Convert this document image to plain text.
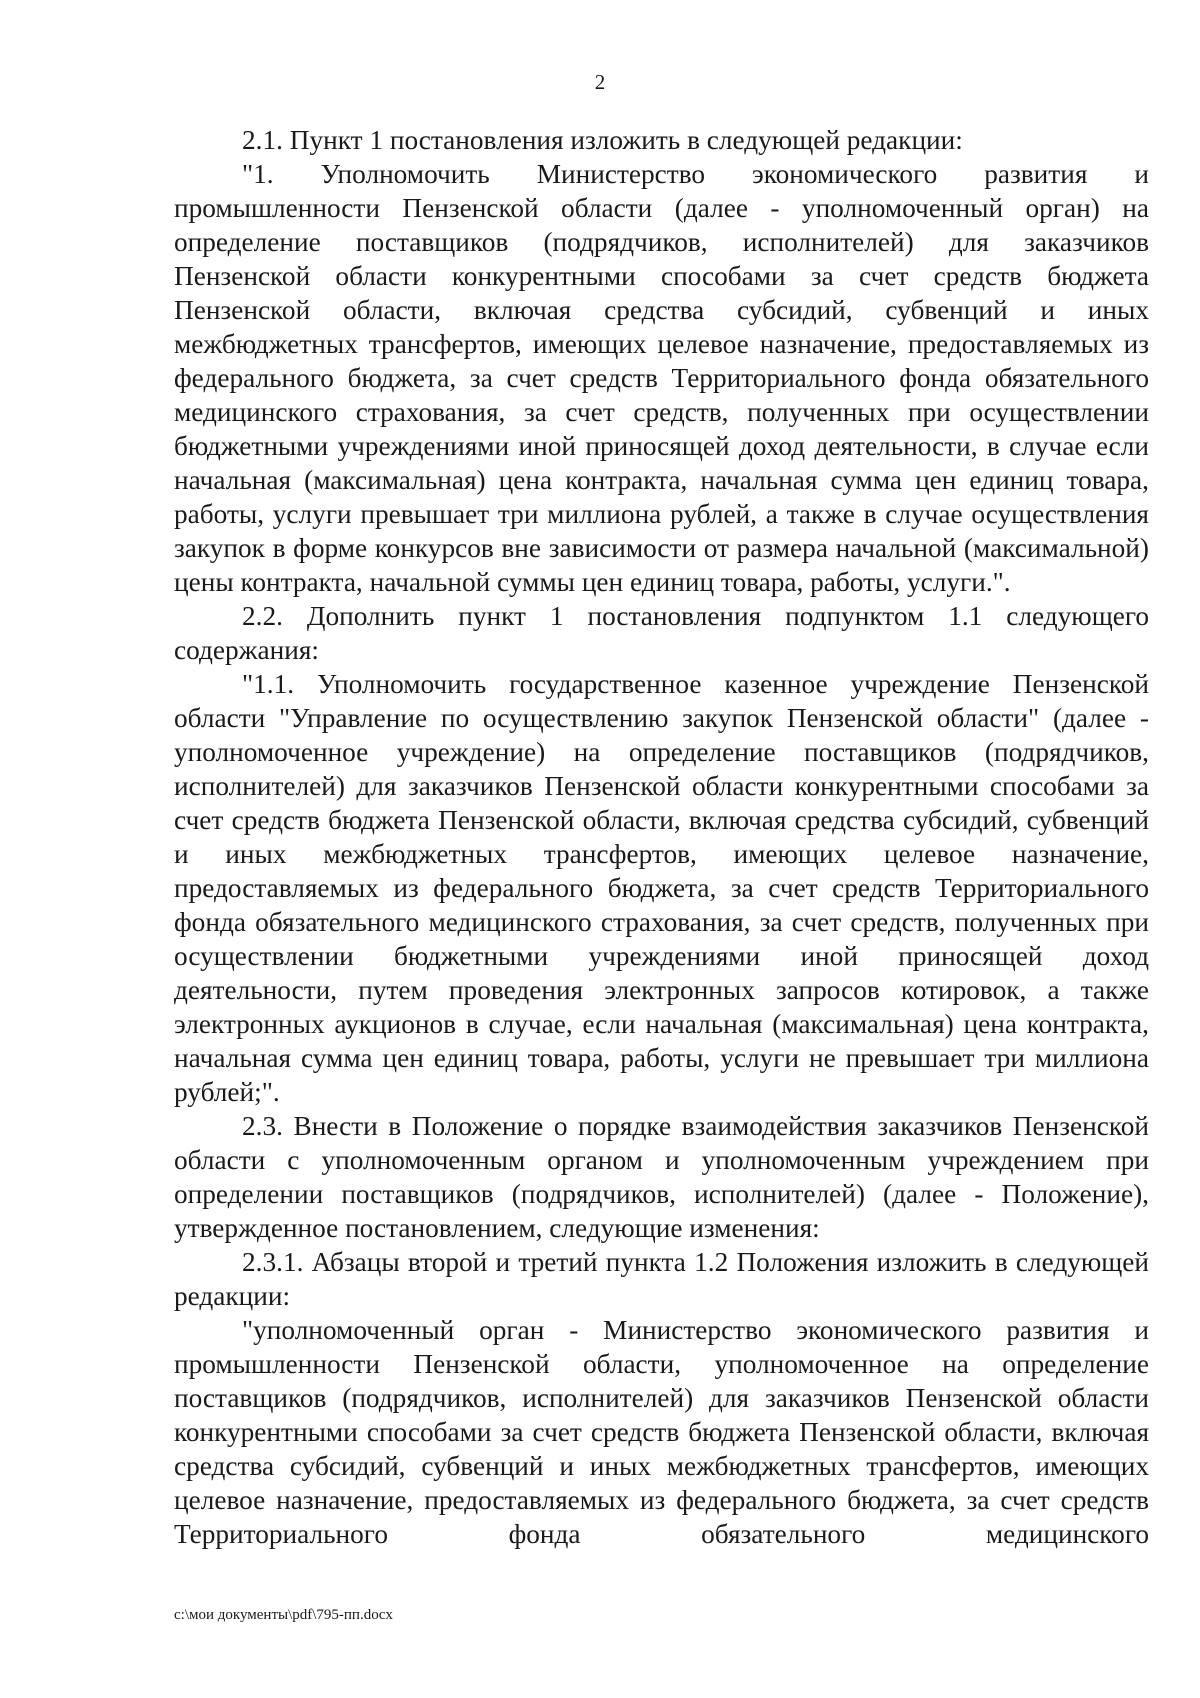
2

2.1. Пункт 1 постановления изложить в следующей редакции:

"1. Уполномочить Министерство экономического развития и промышленности Пензенской области (далее - уполномоченный орган) на определение поставщиков (подрядчиков, исполнителей) для заказчиков Пензенской области конкурентными способами за счет средств бюджета Пензенской области, включая средства субсидий, субвенций и иных межбюджетных трансфертов, имеющих целевое назначение, предоставляемых из федерального бюджета, за счет средств Территориального фонда обязательного медицинского страхования, за счет средств, полученных при осуществлении бюджетными учреждениями иной приносящей доход деятельности, в случае если начальная (максимальная) цена контракта, начальная сумма цен единиц товара, работы, услуги превышает три миллиона рублей, а также в случае осуществления закупок в форме конкурсов вне зависимости от размера начальной (максимальной) цены контракта, начальной суммы цен единиц товара, работы, услуги.".

2.2. Дополнить пункт 1 постановления подпунктом 1.1 следующего содержания:

"1.1. Уполномочить государственное казенное учреждение Пензенской области "Управление по осуществлению закупок Пензенской области" (далее - уполномоченное учреждение) на определение поставщиков (подрядчиков, исполнителей) для заказчиков Пензенской области конкурентными способами за счет средств бюджета Пензенской области, включая средства субсидий, субвенций и иных межбюджетных трансфертов, имеющих целевое назначение, предоставляемых из федерального бюджета, за счет средств Территориального фонда обязательного медицинского страхования, за счет средств, полученных при осуществлении бюджетными учреждениями иной приносящей доход деятельности, путем проведения электронных запросов котировок, а также электронных аукционов в случае, если начальная (максимальная) цена контракта, начальная сумма цен единиц товара, работы, услуги не превышает три миллиона рублей;".

2.3. Внести в Положение о порядке взаимодействия заказчиков Пензенской области с уполномоченным органом и уполномоченным учреждением при определении поставщиков (подрядчиков, исполнителей) (далее - Положение), утвержденное постановлением, следующие изменения:

2.3.1. Абзацы второй и третий пункта 1.2 Положения изложить в следующей редакции:

"уполномоченный орган - Министерство экономического развития и промышленности Пензенской области, уполномоченное на определение поставщиков (подрядчиков, исполнителей) для заказчиков Пензенской области конкурентными способами за счет средств бюджета Пензенской области, включая средства субсидий, субвенций и иных межбюджетных трансфертов, имеющих целевое назначение, предоставляемых из федерального бюджета, за счет средств Территориального фонда обязательного медицинского

c:\мои документы\pdf\795-пп.docx
